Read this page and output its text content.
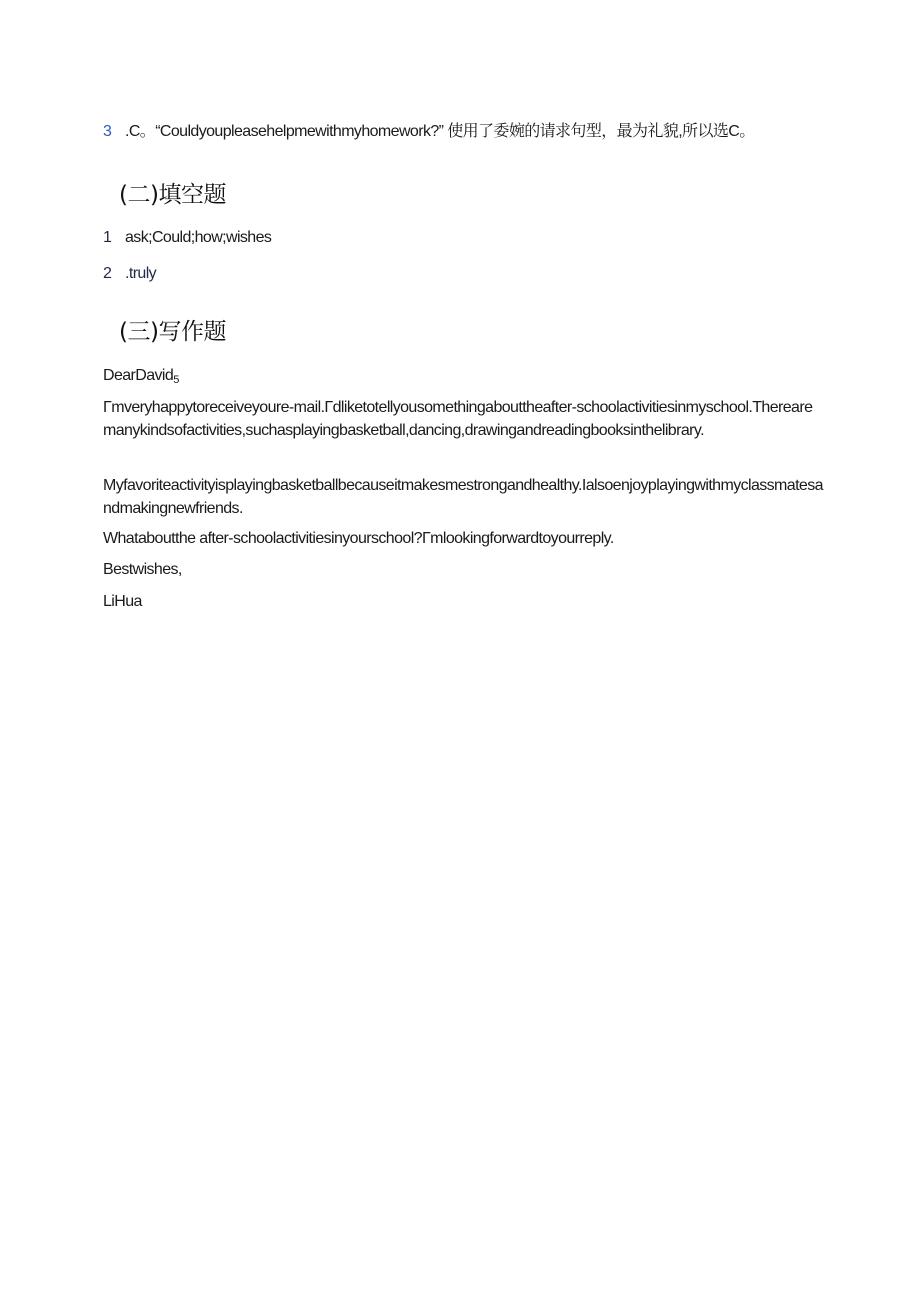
3 .C。“Couldyoupleasehelpmewithmyhomework?” 使用了委婉的请求句型，最为礼貌,所以选C。
(二)填空题
1 ask;Could;how;wishes
2 .truly
(三)写作题
DearDavid$_5$
Γmveryhappytoreceiveyoure-mail.Γdliketotellyousomethingabouttheafter-schoolactivitiesinmyschool.Therearemanykindsofactivities,suchasplayingbasketball,dancing,drawingandreadingbooksinthelibrary.
Myfavoriteactivityisplayingbasketballbecauseitmakesmestrongandhealthy.Ialsoenjoyplayingwithmyclassmatesandmakingnewfriends.
Whataboutthe after-schoolactivitiesinyourschool?Γmlookingforwardtoyourreply.
Bestwishes,
LiHua
